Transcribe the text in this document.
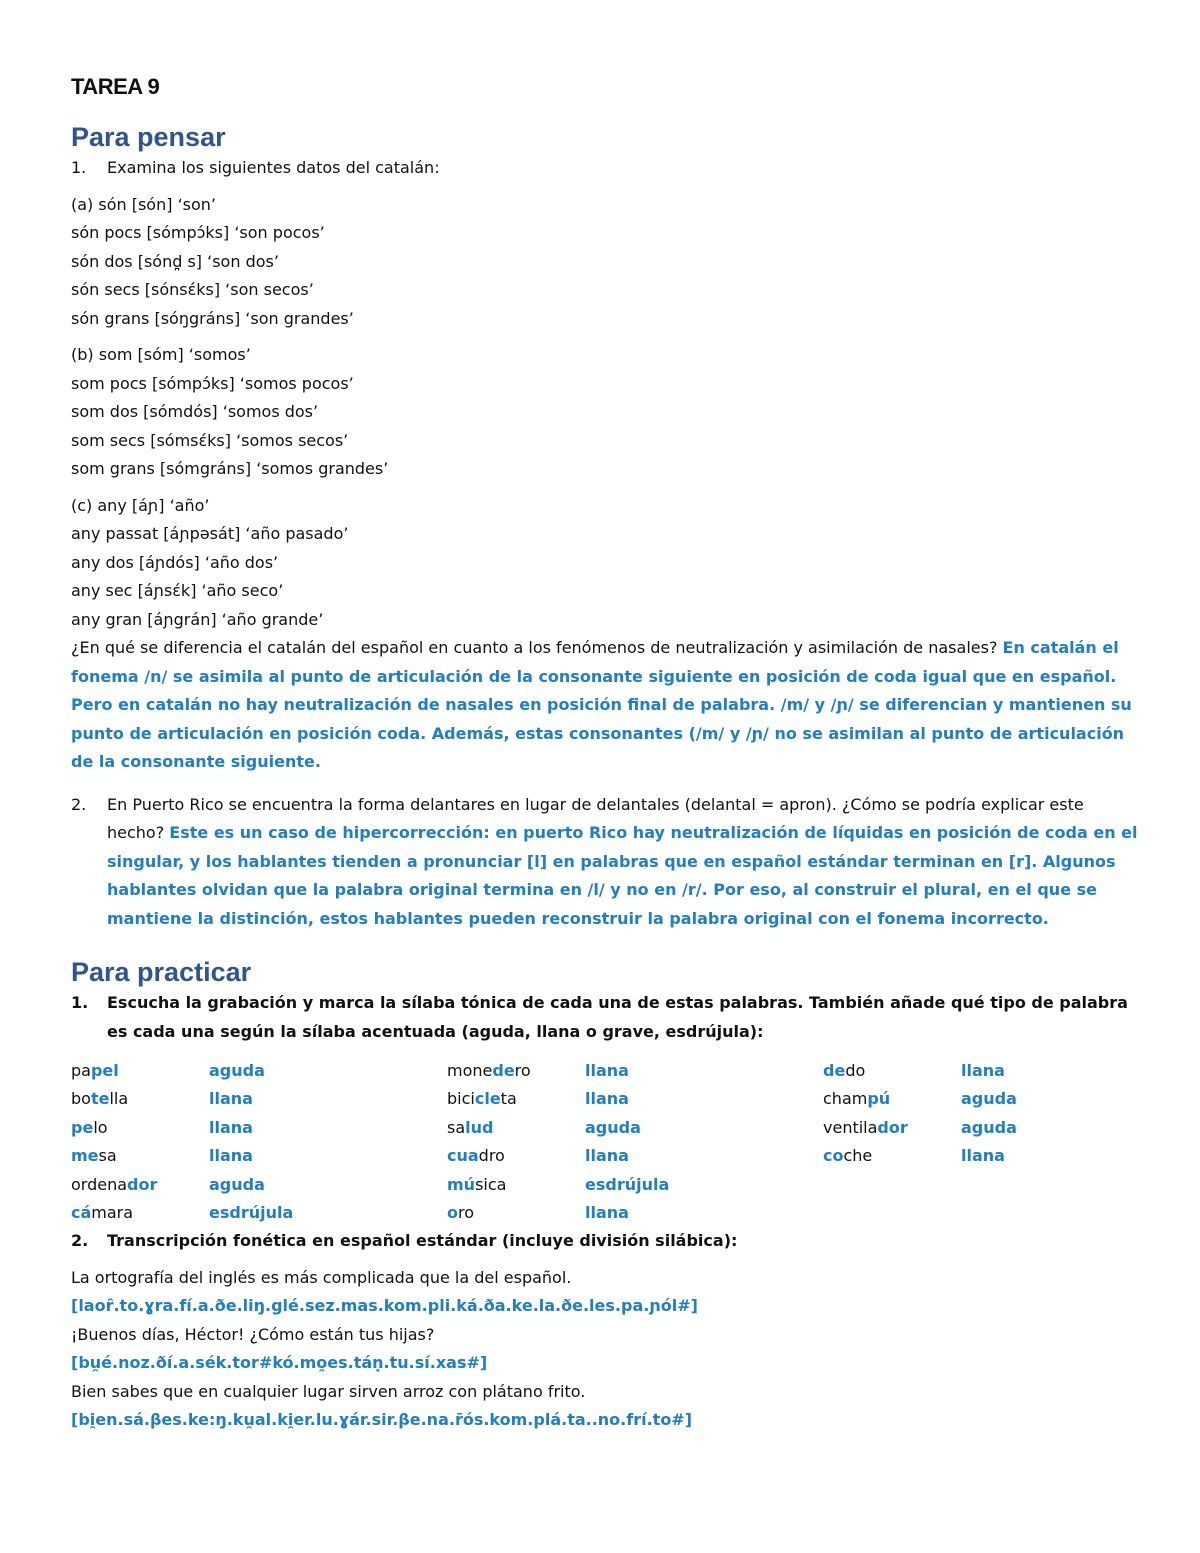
TAREA 9
Para pensar
1.	Examina los siguientes datos del catalán:
(a) són [són] ‘son’
són pocs [sómpɔ́ks] ‘son pocos’
són dos [sónd̪ s] ‘son dos’
són secs [sónsɛ́ks] ‘son secos’
són grans [sóŋgráns] ‘son grandes’
(b) som [sóm] ‘somos’
som pocs [sómpɔ́ks] ‘somos pocos’
som dos [sómdós] ‘somos dos’
som secs [sómsɛ́ks] ‘somos secos’
som grans [sómgráns] ‘somos grandes’
(c) any [áɲ] ‘año’
any passat [áɲpəsát] ‘año pasado’
any dos [áɲdós] ‘año dos’
any sec [áɲsɛ́k] ‘año seco’
any gran [áɲgrán] ‘año grande’
¿En qué se diferencia el catalán del español en cuanto a los fenómenos de neutralización y asimilación de nasales? En catalán el fonema /n/ se asimila al punto de articulación de la consonante siguiente en posición de coda igual que en español. Pero en catalán no hay neutralización de nasales en posición final de palabra. /m/ y /ɲ/ se diferencian y mantienen su punto de articulación en posición coda. Además, estas consonantes (/m/ y /ɲ/ no se asimilan al punto de articulación de la consonante siguiente.
2.	En Puerto Rico se encuentra la forma delantares en lugar de delantales (delantal = apron). ¿Cómo se podría explicar este hecho? Este es un caso de hipercorrección: en puerto Rico hay neutralización de líquidas en posición de coda en el singular, y los hablantes tienden a pronunciar [l] en palabras que en español estándar terminan en [r]. Algunos hablantes olvidan que la palabra original termina en /l/ y no en /r/. Por eso, al construir el plural, en el que se mantiene la distinción, estos hablantes pueden reconstruir la palabra original con el fonema incorrecto.
Para practicar
1.	Escucha la grabación y marca la sílaba tónica de cada una de estas palabras. También añade qué tipo de palabra es cada una según la sílaba acentuada (aguda, llana o grave, esdrújula):
papel	aguda	monedero	llana	dedo	llana
botella	llana	bicicleta	llana	champú	aguda
pelo	llana	salud	aguda	ventilador	aguda
mesa	llana	cuadro	llana	coche	llana
ordenador	aguda	música	esdrújula		
cámara	esdrújula	oro	llana		
2.	Transcripción fonética en español estándar (incluye división silábica):
La ortografía del inglés es más complicada que la del español.
[laoȓ.to.ɣra.fí.a.ðe.liŋ.glé.sez.mas.kom.pli.ká.ða.ke.la.ðe.les.pa.ɲól#]
¡Buenos días, Héctor! ¿Cómo están tus hijas?
[bu̯é.noz.ðí.a.sék.tor#kó.mo̯es.táṇ.tu.sí.xas#]
Bien sabes que en cualquier lugar sirven arroz con plátano frito.
[bi̯en.sá.βes.ke:ŋ.ku̯al.ki̯er.lu.ɣár.sir.βe.na.r̄ós.kom.plá.ta..no.frí.to#]
